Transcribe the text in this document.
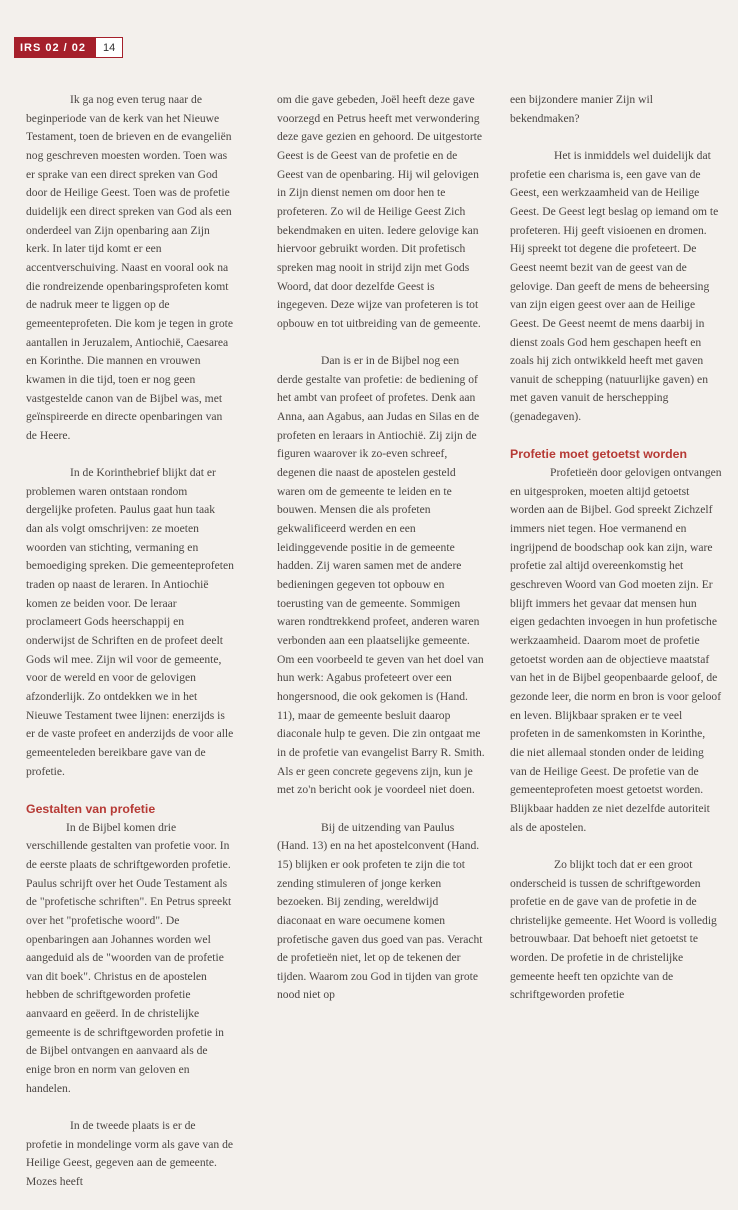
IRS 02 / 02	14

Ik ga nog even terug naar de beginperiode van de kerk van het Nieuwe Testament, toen de brieven en de evangeliën nog geschreven moesten worden. Toen was er sprake van een direct spreken van God door de Heilige Geest. Toen was de profetie duidelijk een direct spreken van God als een onderdeel van Zijn openbaring aan Zijn kerk. In later tijd komt er een accentverschuiving. Naast en vooral ook na die rondreizende openbaringsprofeten komt de nadruk meer te liggen op de gemeenteprofeten. Die kom je tegen in grote aantallen in Jeruzalem, Antiochië, Caesarea en Korinthe. Die mannen en vrouwen kwamen in die tijd, toen er nog geen vastgestelde canon van de Bijbel was, met geïnspireerde en directe openbaringen van de Heere.

In de Korinthebrief blijkt dat er problemen waren ontstaan rondom dergelijke profeten. Paulus gaat hun taak dan als volgt omschrijven: ze moeten woorden van stichting, vermaning en bemoediging spreken. Die gemeenteprofeten traden op naast de leraren. In Antiochië komen ze beiden voor. De leraar proclameert Gods heerschappij en onderwijst de Schriften en de profeet deelt Gods wil mee. Zijn wil voor de gemeente, voor de wereld en voor de gelovigen afzonderlijk. Zo ontdekken we in het Nieuwe Testament twee lijnen: enerzijds is er de vaste profeet en anderzijds de voor alle gemeenteleden bereikbare gave van de profetie.

Gestalten van profetie

In de Bijbel komen drie verschillende gestalten van profetie voor. In de eerste plaats de schriftgeworden profetie. Paulus schrijft over het Oude Testament als de "profetische schriften". En Petrus spreekt over het "profetische woord". De openbaringen aan Johannes worden wel aangeduid als de "woorden van de profetie van dit boek". Christus en de apostelen hebben de schriftgeworden profetie aanvaard en geëerd. In de christelijke gemeente is de schriftgeworden profetie in de Bijbel ontvangen en aanvaard als de enige bron en norm van geloven en handelen.

In de tweede plaats is er de profetie in mondelinge vorm als gave van de Heilige Geest, gegeven aan de gemeente. Mozes heeft

om die gave gebeden, Joël heeft deze gave voorzegd en Petrus heeft met verwondering deze gave gezien en gehoord. De uitgestorte Geest is de Geest van de profetie en de Geest van de openbaring. Hij wil gelovigen in Zijn dienst nemen om door hen te profeteren. Zo wil de Heilige Geest Zich bekendmaken en uiten. Iedere gelovige kan hiervoor gebruikt worden. Dit profetisch spreken mag nooit in strijd zijn met Gods Woord, dat door dezelfde Geest is ingegeven. Deze wijze van profeteren is tot opbouw en tot uitbreiding van de gemeente.

Dan is er in de Bijbel nog een derde gestalte van profetie: de bediening of het ambt van profeet of profetes. Denk aan Anna, aan Agabus, aan Judas en Silas en de profeten en leraars in Antiochië. Zij zijn de figuren waarover ik zo-even schreef, degenen die naast de apostelen gesteld waren om de gemeente te leiden en te bouwen. Mensen die als profeten gekwalificeerd werden en een leidinggevende positie in de gemeente hadden. Zij waren samen met de andere bedieningen gegeven tot opbouw en toerusting van de gemeente. Sommigen waren rondtrekkend profeet, anderen waren verbonden aan een plaatselijke gemeente. Om een voorbeeld te geven van het doel van hun werk: Agabus profeteert over een hongersnood, die ook gekomen is (Hand. 11), maar de gemeente besluit daarop diaconale hulp te geven. Die zin ontgaat me in de profetie van evangelist Barry R. Smith. Als er geen concrete gegevens zijn, kun je met zo'n bericht ook je voordeel niet doen.

Bij de uitzending van Paulus (Hand. 13) en na het apostelconvent (Hand. 15) blijken er ook profeten te zijn die tot zending stimuleren of jonge kerken bezoeken. Bij zending, wereldwijd diaconaat en ware oecumene komen profetische gaven dus goed van pas. Veracht de profetieën niet, let op de tekenen der tijden. Waarom zou God in tijden van grote nood niet op

een bijzondere manier Zijn wil bekendmaken?

Het is inmiddels wel duidelijk dat profetie een charisma is, een gave van de Geest, een werkzaamheid van de Heilige Geest. De Geest legt beslag op iemand om te profeteren. Hij geeft visioenen en dromen. Hij spreekt tot degene die profeteert. De Geest neemt bezit van de geest van de gelovige. Dan geeft de mens de beheersing van zijn eigen geest over aan de Heilige Geest. De Geest neemt de mens daarbij in dienst zoals God hem geschapen heeft en zoals hij zich ontwikkeld heeft met gaven vanuit de schepping (natuurlijke gaven) en met gaven vanuit de herschepping (genadegaven).

Profetie moet getoetst worden

Profetieën door gelovigen ontvangen en uitgesproken, moeten altijd getoetst worden aan de Bijbel. God spreekt Zichzelf immers niet tegen. Hoe vermanend en ingrijpend de boodschap ook kan zijn, ware profetie zal altijd overeenkomstig het geschreven Woord van God moeten zijn. Er blijft immers het gevaar dat mensen hun eigen gedachten invoegen in hun profetische werkzaamheid. Daarom moet de profetie getoetst worden aan de objectieve maatstaf van het in de Bijbel geopenbaarde geloof, de gezonde leer, die norm en bron is voor geloof en leven. Blijkbaar spraken er te veel profeten in de samenkomsten in Korinthe, die niet allemaal stonden onder de leiding van de Heilige Geest. De profetie van de gemeenteprofeten moest getoetst worden. Blijkbaar hadden ze niet dezelfde autoriteit als de apostelen.

Zo blijkt toch dat er een groot onderscheid is tussen de schriftgeworden profetie en de gave van de profetie in de christelijke gemeente. Het Woord is volledig betrouwbaar. Dat behoeft niet getoetst te worden. De profetie in de christelijke gemeente heeft ten opzichte van de schriftgeworden profetie
